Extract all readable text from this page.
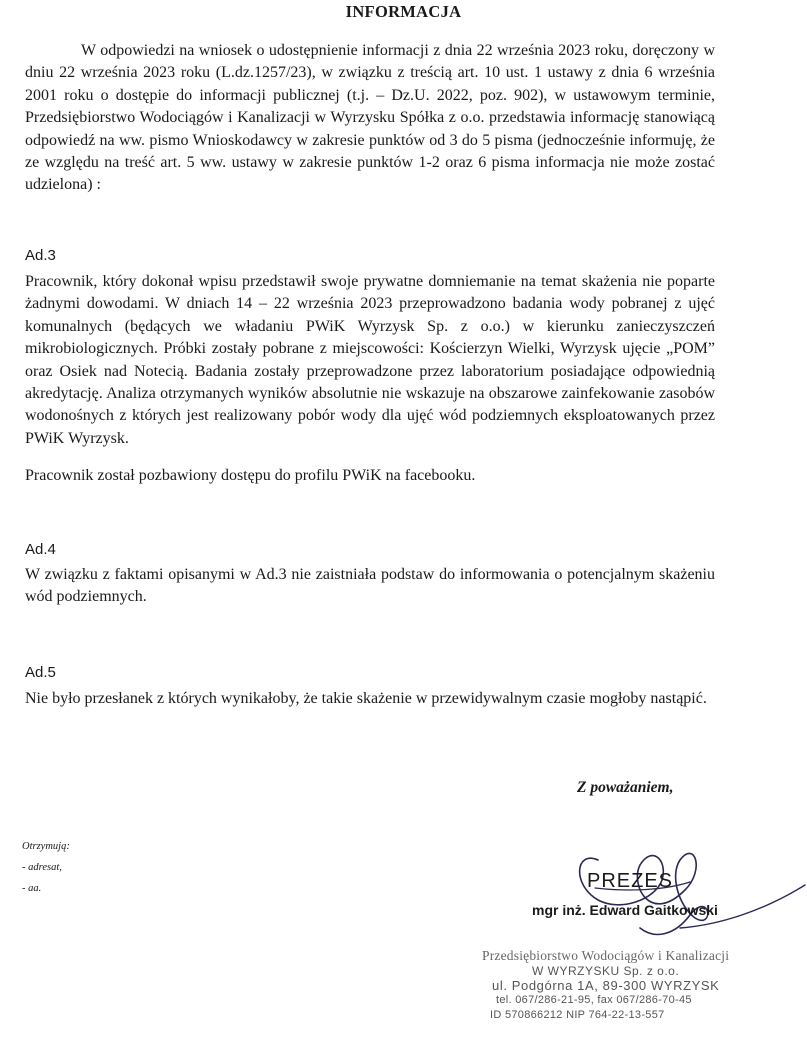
INFORMACJA

W odpowiedzi na wniosek o udostępnienie informacji z dnia 22 września 2023 roku, doręczony w dniu 22 września 2023 roku (L.dz.1257/23), w związku z treścią art. 10 ust. 1 ustawy z dnia 6 września 2001 roku o dostępie do informacji publicznej (t.j. – Dz.U. 2022, poz. 902), w ustawowym terminie, Przedsiębiorstwo Wodociągów i Kanalizacji w Wyrzysku Spółka z o.o. przedstawia informację stanowiącą odpowiedź na ww. pismo Wnioskodawcy w zakresie punktów od 3 do 5 pisma (jednocześnie informuję, że ze względu na treść art. 5 ww. ustawy w zakresie punktów 1-2 oraz 6 pisma informacja nie może zostać udzielona) :

Ad.3

Pracownik, który dokonał wpisu przedstawił swoje prywatne domniemanie na temat skażenia nie poparte żadnymi dowodami. W dniach 14 – 22 września 2023 przeprowadzono badania wody pobranej z ujęć komunalnych (będących we władaniu PWiK Wyrzysk Sp. z o.o.) w kierunku zanieczyszczeń mikrobiologicznych. Próbki zostały pobrane z miejscowości: Kościerzyn Wielki, Wyrzysk ujęcie „POM” oraz Osiek nad Notecią. Badania zostały przeprowadzone przez laboratorium posiadające odpowiednią akredytację. Analiza otrzymanych wyników absolutnie nie wskazuje na obszarowe zainfekowanie zasobów wodonośnych z których jest realizowany pobór wody dla ujęć wód podziemnych eksploatowanych przez PWiK Wyrzysk.

Pracownik został pozbawiony dostępu do profilu PWiK na facebooku.

Ad.4

W związku z faktami opisanymi w Ad.3 nie zaistniała podstaw do informowania o potencjalnym skażeniu wód podziemnych.

Ad.5

Nie było przesłanek z których wynikałoby, że takie skażenie w przewidywalnym czasie mogłoby nastąpić.

Z poważaniem,
Otrzymują:
- adresat,
- aa.	PREZES
mgr inż. Edward Gaitkowski
Przedsiębiorstwo Wodociągów i Kanalizacji
W WYRZYSKU Sp. z o.o.
ul. Podgórna 1A, 89-300 WYRZYSK
tel. 067/286-21-95, fax 067/286-70-45
ID 570866212 NIP 764-22-13-557
